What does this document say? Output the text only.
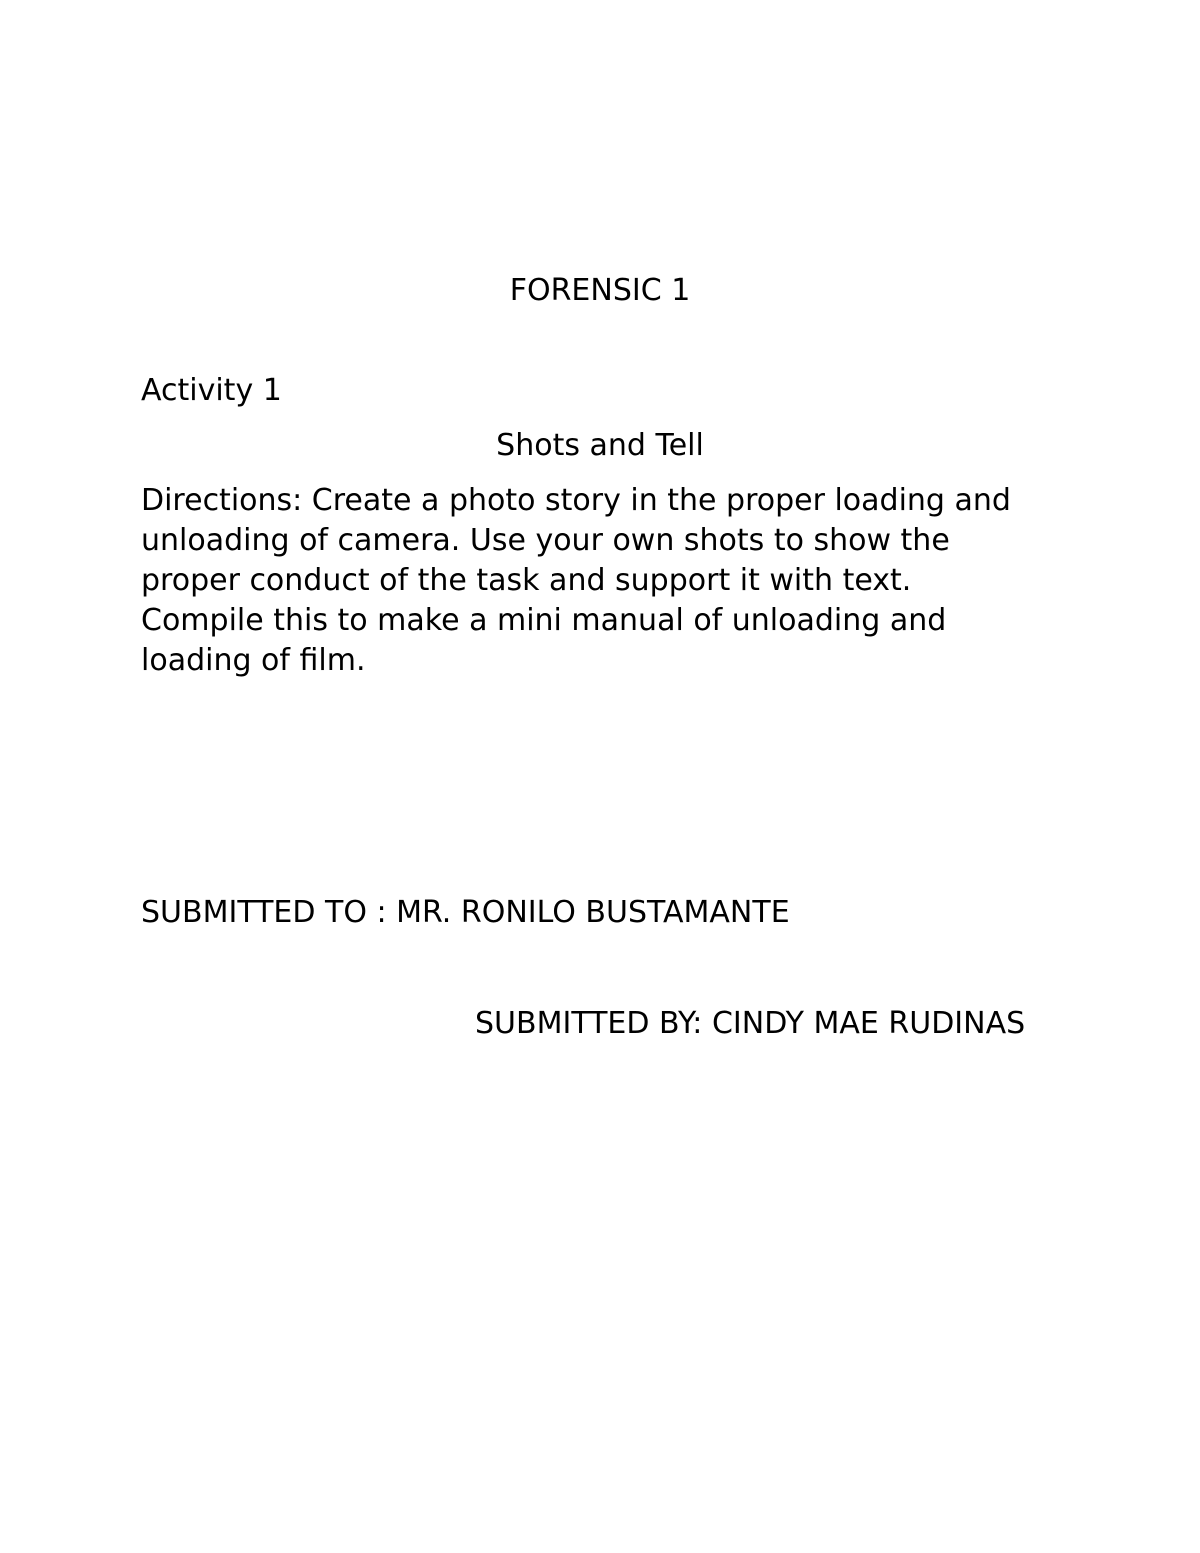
FORENSIC 1

Activity 1

Shots and Tell

Directions: Create a photo story in the proper loading and
unloading of camera. Use your own shots to show the
proper conduct of the task and support it with text.
Compile this to make a mini manual of unloading and
loading of film.

SUBMITTED TO : MR. RONILO BUSTAMANTE

SUBMITTED BY: CINDY MAE RUDINAS
